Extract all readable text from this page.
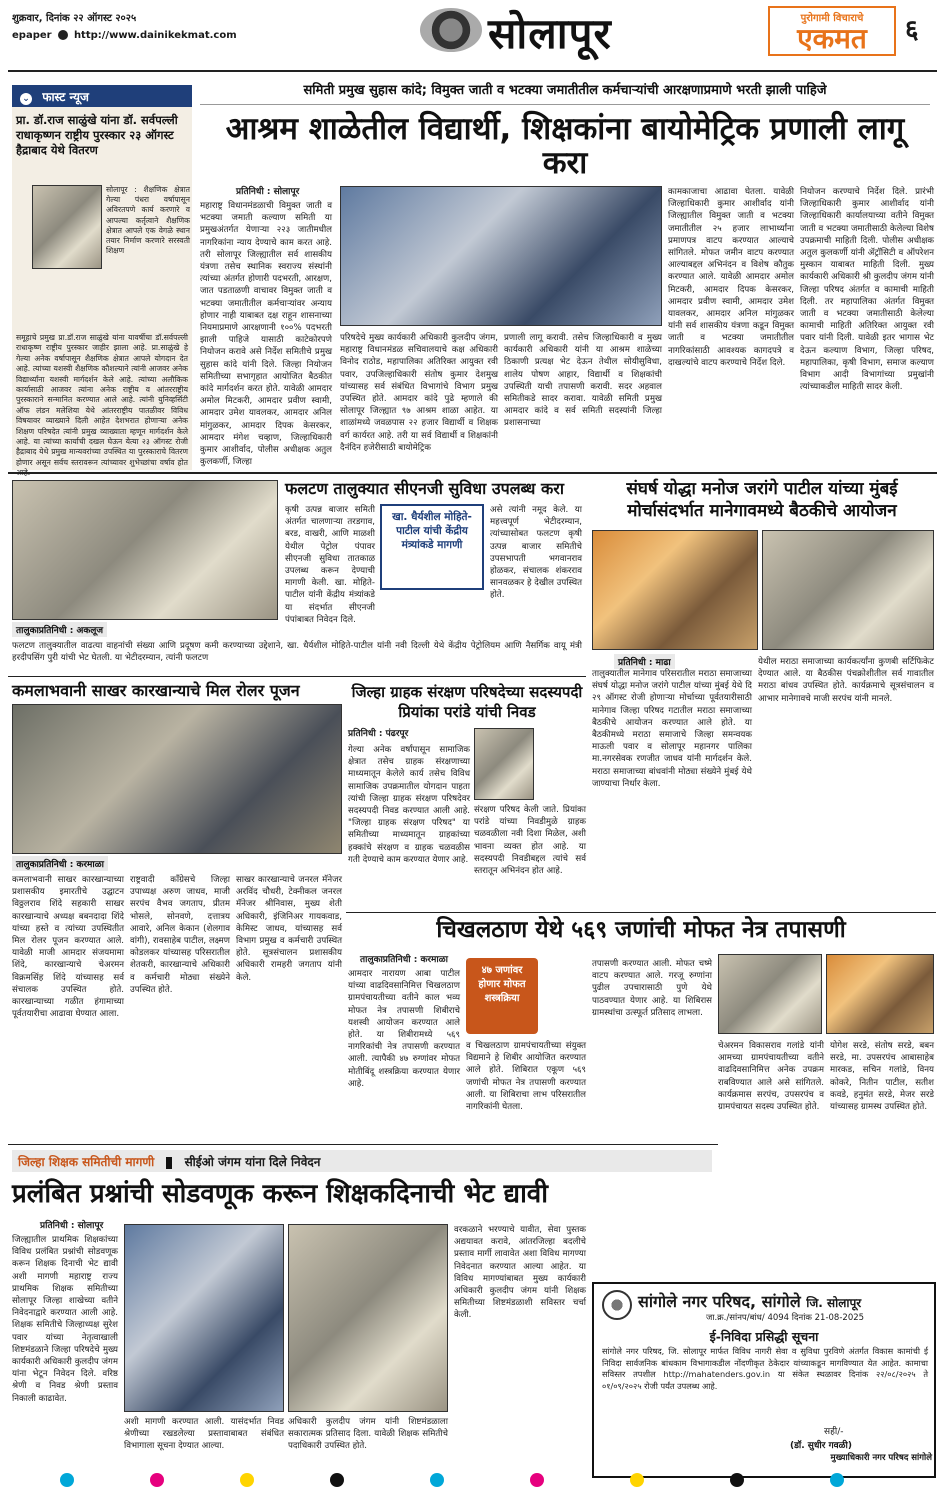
शुक्रवार, दिनांक २२ ऑगस्ट २०२५
epaper http://www.dainikekmat.com	सोलापूर	पुरोगामी विचाराचे
एकमत	६
⌄ फास्ट न्यूज
प्रा. डॉ.राज साळुंखे यांना डॉ. सर्वपल्ली राधाकृष्णन राष्ट्रीय पुरस्कार २३ ऑगस्ट हैद्राबाद येथे वितरण
सोलापूर : शैक्षणिक क्षेत्रात गेल्या पंधरा वर्षापासून अविरतपणे कार्य करणारे व आपल्या कर्तृत्वाने शैक्षणिक क्षेत्रात आपले एक वेगळे स्थान तयार निर्माण करणारे सरस्वती शिक्षण
समूहाचे प्रमुख प्रा.डॉ.राज साळुंखे यांना यावर्षीचा डॉ.सर्वपल्ली राधाकृष्ण राष्ट्रीय पुरस्कार जाहीर झाला आहे. प्रा.साळुंखे हे गेल्या अनेक वर्षापासून शैक्षणिक क्षेत्रात आपले योगदान देत आहे. त्यांच्या यशस्वी शैक्षणिक कौशल्याने त्यांनी आजवर अनेक विद्यार्थ्यांना यशस्वी मार्गदर्शन केले आहे. त्यांच्या अलौकिक कार्यासाठी आजवर त्यांना अनेक राष्ट्रीय व आंतरराष्ट्रीय पुरस्काराने सन्मानित करण्यात आले आहे. त्यांनी युनिव्हर्सिटी ऑफ लंडन मलेशिया येथे आंतरराष्ट्रीय पातळीवर विविध विषयावर व्याख्याने दिली आहेत देशभरात होणाऱ्या अनेक शिक्षण परिषदेत त्यांनी प्रमुख व्याख्याता म्हणून मार्गदर्शन केले आहे. या त्यांच्या कार्याची दखल घेऊन येत्या २३ ऑगस्ट रोजी हैद्राबाद येथे प्रमुख मान्यवरांच्या उपस्थित या पुरस्काराचे वितरण होणार असून सर्वच स्तरावरून त्यांच्यावर शुभेच्छांचा वर्षाव होत
समिती प्रमुख सुहास कांदे; विमुक्त जाती व भटक्या जमातीतील कर्मचाऱ्यांची आरक्षणाप्रमाणे भरती झाली पाहिजे
आश्रम शाळेतील विद्यार्थी, शिक्षकांना बायोमेट्रिक प्रणाली लागू करा
प्रतिनिधी : सोलापूर
महाराष्ट्र विधानमंडळाची विमुक्त जाती व भटक्या जमाती कल्याण समिती या प्रमुखअंतर्गत येणाऱ्या २२३ जातीमधील नागरिकांना न्याय देण्याचे काम करत आहे. तरी सोलापूर जिल्ह्यातील सर्व शासकीय यंत्रणा तसेच स्थानिक स्वराज्य संस्थांनी त्यांच्या अंतर्गत होणारी पदभरती, आरक्षण, जात पडताळणी वाचावर विमुक्त जाती व भटक्या जमातीतील कर्मचाऱ्यांवर अन्याय होणार नाही याबाबत दक्ष राहून शासनाच्या नियमाप्रमाणे आरक्षणानी १००% पदभरती झाली पाहिजे यासाठी काटेकोरपणे नियोजन करावे असे निर्देश समितीचे प्रमुख सुहास कांदे यांनी दिले. जिल्हा नियोजन समितीच्या सभागृहात आयोजित बैठकीत कांदे मार्गदर्शन करत होते. यावेळी आमदार अमोल मिटकरी, आमदार प्रवीण स्वामी, आमदार उमेश यावलकर, आमदार अनिल मांगुळकर, आमदार दिपक केसरकर, आमदार मंगेश चव्हाण, जिल्हाधिकारी कुमार आशीर्वाद, पोलीस अधीक्षक अतुल कुलकर्णी, जिल्हा
परिषदेचे मुख्य कार्यकारी अधिकारी कुलदीप जंगम, महाराष्ट्र विधानमंडळ सचिवालयाचे कक्ष अधिकारी विनोद राठोड, महापालिका अतिरिक्त आयुक्त रवी पवार, उपजिल्हाधिकारी संतोष कुमार देशमुख यांच्यासह सर्व संबंधित विभागांचे विभाग प्रमुख उपस्थित होते. आमदार कांदे पुढे म्हणाले की सोलापूर जिल्ह्यात ९७ आश्रम शाळा आहेत. या शाळांमध्ये जवळपास २२ हजार विद्यार्थी व शिक्षक वर्ग कार्यरत आहे. तरी या सर्व विद्यार्थी व शिक्षकांनी दैनंदिन हजेरीसाठी बायोमेट्रिक
प्रणाली लागू करावी. तसेच जिल्हाधिकारी व मुख्य कार्यकारी अधिकारी यांनी या आश्रम शाळेच्या ठिकाणी प्रत्यक्ष भेट देऊन तेथील सोयीसुविधा, शालेय पोषण आहार, विद्यार्थी व शिक्षकांची उपस्थिती याची तपासणी करावी. सदर अहवाल समितीकडे सादर करावा. यावेळी समिती प्रमुख आमदार कांदे व सर्व समिती सदस्यांनी जिल्हा प्रशासनाच्या
कामकाजाचा आढावा घेतला. यावेळी जिल्हाधिकारी कुमार आशीर्वाद यांनी जिल्ह्यातील विमुक्त जाती व भटक्या जमातीतील २५ हजार लाभार्थ्यांना प्रमाणपत्र वाटप करण्यात आल्याचे सांगितले. मोफत जमीन वाटप करण्यात आल्याबद्दल अभिनंदन व विशेष कौतुक करण्यात आले. यावेळी आमदार अमोल मिटकरी, आमदार दिपक केसरकर, आमदार प्रवीण स्वामी, आमदार उमेश यावलकर, आमदार अनिल मांगुळकर यांनी सर्व शासकीय यंत्रणा कडून विमुक्त जाती व भटक्या जमातीतील नागरिकांसाठी आवश्यक कागदपत्रे व दाखल्यांचे वाटप करण्याचे निर्देश दिले.
नियोजन करण्याचे निर्देश दिले. प्रारंभी जिल्हाधिकारी कुमार आशीर्वाद यांनी जिल्हाधिकारी कार्यालयाच्या वतीने विमुक्त जाती व भटक्या जमातीसाठी केलेल्या विशेष उपक्रमाची माहिती दिली. पोलीस अधीक्षक अतुल कुलकर्णी यांनी ॲट्रॉसिटी व ऑपरेशन मुस्कान याबाबत माहिती दिली. मुख्य कार्यकारी अधिकारी श्री कुलदीप जंगम यांनी जिल्हा परिषद अंतर्गत व कामाची माहिती दिली. तर महापालिका अंतर्गत विमुक्त जाती व भटक्या जमातीसाठी केलेल्या कामाची माहिती अतिरिक्त आयुक्त रवी पवार यांनी दिली. यावेळी इतर भागास भेट देऊन कल्याण विभाग, जिल्हा परिषद, महापालिका, कृषी विभाग, समाज कल्याण विभाग आदी विभागांच्या प्रमुखांनी त्यांच्याकडील माहिती सादर केली.
फलटण तालुक्यात सीएनजी सुविधा उपलब्ध करा
तालुकाप्रतिनिधी : अकलूज
कृषी उत्पन्न बाजार समिती अंतर्गत चालणाऱ्या तरडगाव, बरड, वाखरी, आणि माळशी येथील पेट्रोल पंपावर सीएनजी सुविधा तातकाळ उपलब्ध करून देण्याची मागणी केली. खा. मोहिते-पाटील यांनी केंद्रीय मंत्र्यांकडे या संदर्भात सीएनजी पंपांबाबत निवेदन दिले.
खा. धैर्यशील मोहिते-पाटील यांची केंद्रीय मंत्र्यांकडे मागणी
असे त्यांनी नमूद केले. या महत्त्वपूर्ण भेटीदरम्यान, त्यांच्यासोबत फलटण कृषी उत्पन्न बाजार समितीचे उपसभापती भगवानराव होळकर, संचालक शंकरराव सानवळकर हे देखील उपस्थित होते.
फलटण तालुक्यातील वाढत्या वाहनांची संख्या आणि प्रदूषण कमी करण्याच्या उद्देशाने, खा. धैर्यशील मोहिते-पाटील यांनी नवी दिल्ली येथे केंद्रीय पेट्रोलियम आणि नैसर्गिक वायू मंत्री हरदीपसिंग पुरी यांची भेट घेतली. या भेटीदरम्यान, त्यांनी फलटण
संघर्ष योद्धा मनोज जरांगे पाटील यांच्या मुंबई मोर्चासंदर्भात मानेगावमध्ये बैठकीचे आयोजन
प्रतिनिधी : माढा
तालुक्यातील मानेगाव परिसरातील मराठा समाजाच्या संघर्ष योद्धा मनोज जरांगे पाटील यांच्या मुंबई येथे दि २९ ऑगस्ट रोजी होणाऱ्या मोर्चाच्या पूर्वतयारीसाठी मानेगाव जिल्हा परिषद गटातील मराठा समाजाच्या बैठकीचे आयोजन करण्यात आले होते. या बैठकीमध्ये मराठा समाजाचे जिल्हा समन्वयक माऊली पवार व सोलापूर महानगर पालिका मा.नगरसेवक रणजीत जाधव यांनी मार्गदर्शन केले. मराठा समाजाच्या बांधवांनी मोठ्या संख्येने मुंबई येथे जाण्याचा निर्धार केला.
येथील मराठा समाजाच्या कार्यकर्त्यांना कुणबी सर्टिफिकेट देण्यात आले. या बैठकीस पंचक्रोशीतील सर्व गावातील मराठा बांधव उपस्थित होते. कार्यक्रमाचे सूत्रसंचालन व आभार मानेगावचे माजी सरपंच यांनी मानले.
कमलाभवानी साखर कारखान्याचे मिल रोलर पूजन
तालुकाप्रतिनिधी : करमाळा
कमलाभवानी साखर कारखान्याच्या प्रशासकीय इमारतीचे उद्घाटन विठ्ठलराव शिंदे सहकारी साखर कारखान्याचे अध्यक्ष बबनदादा शिंदे यांच्या हस्ते व त्यांच्या उपस्थितीत मिल रोलर पूजन करण्यात आले. यावेळी माजी आमदार संजयमामा शिंदे, कारखान्याचे चेअरमन विक्रमसिंह शिंदे यांच्यासह सर्व संचालक उपस्थित होते. कारखान्याच्या गळीत हंगामाच्या पूर्वतयारीचा आढावा घेण्यात आला.
राष्ट्रवादी काँग्रेसचे जिल्हा उपाध्यक्ष अरुण जाधव, माजी सरपंच वैभव जगताप, प्रीतम भोसले, सोनवणे, दत्तात्रय आवारे, अनिल केकान (शेलगाव वांगी), रावसाहेब पाटील, लक्ष्मण कोडलकर यांच्यासह परिसरातील शेतकरी, कारखान्याचे अधिकारी व कर्मचारी मोठ्या संख्येने उपस्थित होते.
साखर कारखान्याचे जनरल मॅनेजर अरविंद चौधरी, टेक्नीकल जनरल मॅनेजर श्रीनिवास, मुख्य शेती अधिकारी, इंजिनिअर गायकवाड, केमिस्ट जाधव, यांच्यासह सर्व विभाग प्रमुख व कर्मचारी उपस्थित होते. सूत्रसंचालन प्रशासकीय अधिकारी रामहरी जगताप यांनी केले.
जिल्हा ग्राहक संरक्षण परिषदेच्या सदस्यपदी प्रियांका परांडे यांची निवड
प्रतिनिधी : पंढरपूर
गेल्या अनेक वर्षांपासून सामाजिक क्षेत्रात तसेच ग्राहक संरक्षणाच्या माध्यमातून केलेले कार्य तसेच विविध सामाजिक उपक्रमातील योगदान पाहता त्यांची जिल्हा ग्राहक संरक्षण परिषदेवर सदस्यपदी निवड करण्यात आली आहे. "जिल्हा ग्राहक संरक्षण परिषद" या समितीच्या माध्यमातून ग्राहकांच्या हक्कांचे संरक्षण व ग्राहक चळवळीस गती देण्याचे काम करण्यात येणार आहे.
संरक्षण परिषद केली जाते. प्रियांका परांडे यांच्या निवडीमुळे ग्राहक चळवळीला नवी दिशा मिळेल, अशी भावना व्यक्त होत आहे. या सदस्यपदी निवडीबद्दल त्यांचे सर्व स्तरातून अभिनंदन होत आहे.
चिखलठाण येथे ५६९ जणांची मोफत नेत्र तपासणी
तालुकाप्रतिनिधी : करमाळा
आमदार नारायण आबा पाटील यांच्या वाढदिवसानिमित्त चिखलठाण ग्रामपंचायतीच्या वतीने काल भव्य मोफत नेत्र तपासणी शिबीराचे यशस्वी आयोजन करण्यात आले होते. या शिबीरामध्ये ५६९ नागरिकांची नेत्र तपासणी करण्यात आली. त्यापैकी ४७ रुग्णांवर मोफत मोतीबिंदू शस्त्रक्रिया करण्यात येणार आहे.
४७ जणांवर होणार मोफत शस्त्रक्रिया
व चिखलठाण ग्रामपंचायतीच्या संयुक्त विद्यमाने हे शिबीर आयोजित करण्यात आले होते. शिबिरात एकूण ५६९ जणांची मोफत नेत्र तपासणी करण्यात आली. या शिबिराचा लाभ परिसरातील नागरिकांनी घेतला.
तपासणी करण्यात आली. मोफत चष्मे वाटप करण्यात आले. गरजू रुग्णांना पुढील उपचारासाठी पुणे येथे पाठवण्यात येणार आहे. या शिबिरास ग्रामस्थांचा उत्स्फूर्त प्रतिसाद लाभला.
चेअरमन विकासराव गलांडे यांनी आमच्या ग्रामपंचायतीच्या वतीने वाढदिवसानिमित्त अनेक उपक्रम राबविण्यात आले असे सांगितले. कार्यक्रमास सरपंच, उपसरपंच व ग्रामपंचायत सदस्य उपस्थित होते.
योगेश सरडे, संतोष सरडे, बबन सरडे, मा. उपसरपंच आबासाहेब मारकड, सचिन गलांडे, विनय कोकरे, नितीन पाटील, सतीश कवडे, हनुमंत सरडे, मेजर सरडे यांच्यासह ग्रामस्थ उपस्थित होते.
जिल्हा शिक्षक समितीची मागणी	सीईओ जंगम यांना दिले निवेदन
प्रलंबित प्रश्नांची सोडवणूक करून शिक्षकदिनाची भेट द्यावी
प्रतिनिधी : सोलापूर
जिल्ह्यातील प्राथमिक शिक्षकांच्या विविध प्रलंबित प्रश्नांची सोडवणूक करून शिक्षक दिनाची भेट द्यावी अशी मागणी महाराष्ट्र राज्य प्राथमिक शिक्षक समितीच्या सोलापूर जिल्हा शाखेच्या वतीने निवेदनाद्वारे करण्यात आली आहे. शिक्षक समितीचे जिल्हाध्यक्ष सुरेश पवार यांच्या नेतृत्वाखाली शिष्टमंडळाने जिल्हा परिषदेचे मुख्य कार्यकारी अधिकारी कुलदीप जंगम यांना भेटून निवेदन दिले. वरिष्ठ श्रेणी व निवड श्रेणी प्रस्ताव निकाली काढावेत.
अशी मागणी करण्यात आली. यासंदर्भात निवड श्रेणीच्या रखडलेल्या प्रस्तावाबाबत संबंधित विभागाला सूचना देण्यात आल्या.
अधिकारी कुलदीप जंगम यांनी शिष्टमंडळाला सकारात्मक प्रतिसाद दिला. यावेळी शिक्षक समितीचे पदाधिकारी उपस्थित होते.
वरकळाने भरण्याचे यावीत, सेवा पुस्तक अद्ययावत करावे, आंतरजिल्हा बदलीचे प्रस्ताव मार्गी लावावेत अशा विविध मागण्या निवेदनात करण्यात आल्या आहेत. या विविध मागण्यांबाबत मुख्य कार्यकारी अधिकारी कुलदीप जंगम यांनी शिक्षक समितीच्या शिष्टमंडळाशी सविस्तर चर्चा केली.
सांगोले नगर परिषद, सांगोले जि. सोलापूर
जा.क्र./सांनप/बांध/ 4094 दिनांक 21-08-2025
ई-निविदा प्रसिद्धी सूचना
सांगोले नगर परिषद, जि. सोलापूर मार्फत विविध नागरी सेवा व सुविधा पुरविणे अंतर्गत विकास कामांची ई निविदा सार्वजनिक बांधकाम विभागाकडील नोंदणीकृत ठेकेदार यांच्याकडून मागविण्यात येत आहेत. कामाचा सविस्तर तपशील http://mahatenders.gov.in या संकेत स्थळावर दिनांक २२/०८/२०२५ ते ०१/०९/२०२५ रोजी पर्यंत उपलब्ध आहे.
सही/-
(डॉ. सुधीर गवळी)
मुख्याधिकारी नगर परिषद सांगोले
